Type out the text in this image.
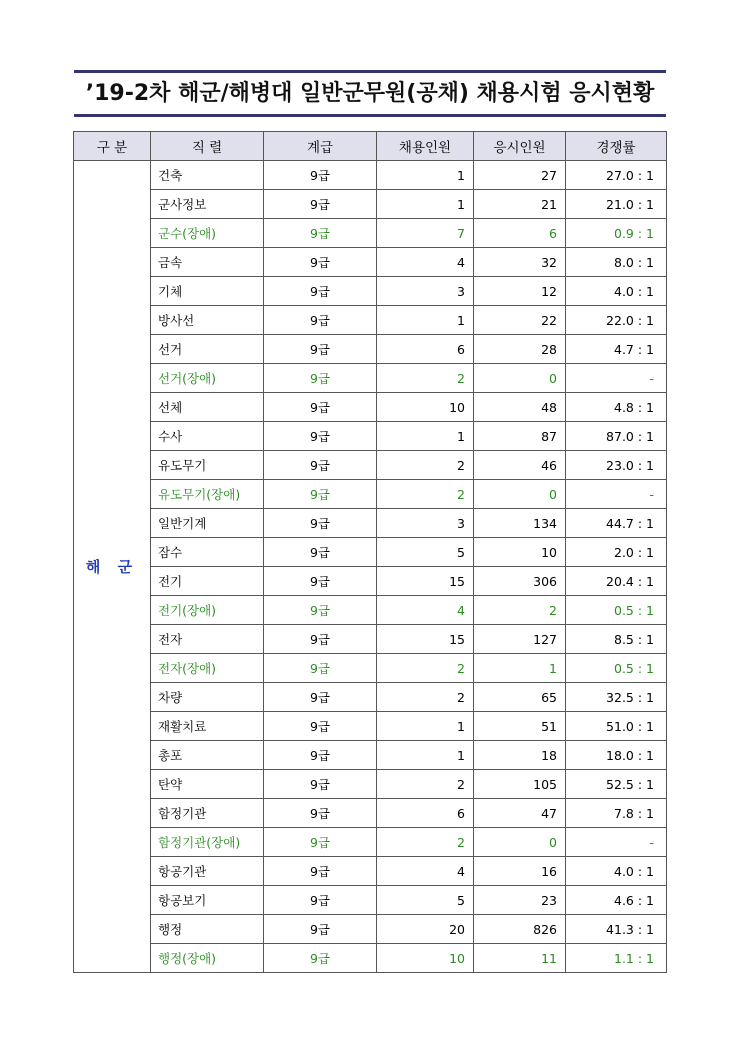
’19-2차 해군/해병대 일반군무원(공채) 채용시험 응시현황
구 분	직 렬	계급	채용인원	응시인원	경쟁률
해 군	건축	9급	1	27	27.0 : 1
	군사정보	9급	1	21	21.0 : 1
	군수(장애)	9급	7	6	0.9 : 1
	금속	9급	4	32	8.0 : 1
	기체	9급	3	12	4.0 : 1
	방사선	9급	1	22	22.0 : 1
	선거	9급	6	28	4.7 : 1
	선거(장애)	9급	2	0	-
	선체	9급	10	48	4.8 : 1
	수사	9급	1	87	87.0 : 1
	유도무기	9급	2	46	23.0 : 1
	유도무기(장애)	9급	2	0	-
	일반기계	9급	3	134	44.7 : 1
	잠수	9급	5	10	2.0 : 1
	전기	9급	15	306	20.4 : 1
	전기(장애)	9급	4	2	0.5 : 1
	전자	9급	15	127	8.5 : 1
	전자(장애)	9급	2	1	0.5 : 1
	차량	9급	2	65	32.5 : 1
	재활치료	9급	1	51	51.0 : 1
	총포	9급	1	18	18.0 : 1
	탄약	9급	2	105	52.5 : 1
	함정기관	9급	6	47	7.8 : 1
	함정기관(장애)	9급	2	0	-
	항공기관	9급	4	16	4.0 : 1
	항공보기	9급	5	23	4.6 : 1
	행정	9급	20	826	41.3 : 1
	행정(장애)	9급	10	11	1.1 : 1
